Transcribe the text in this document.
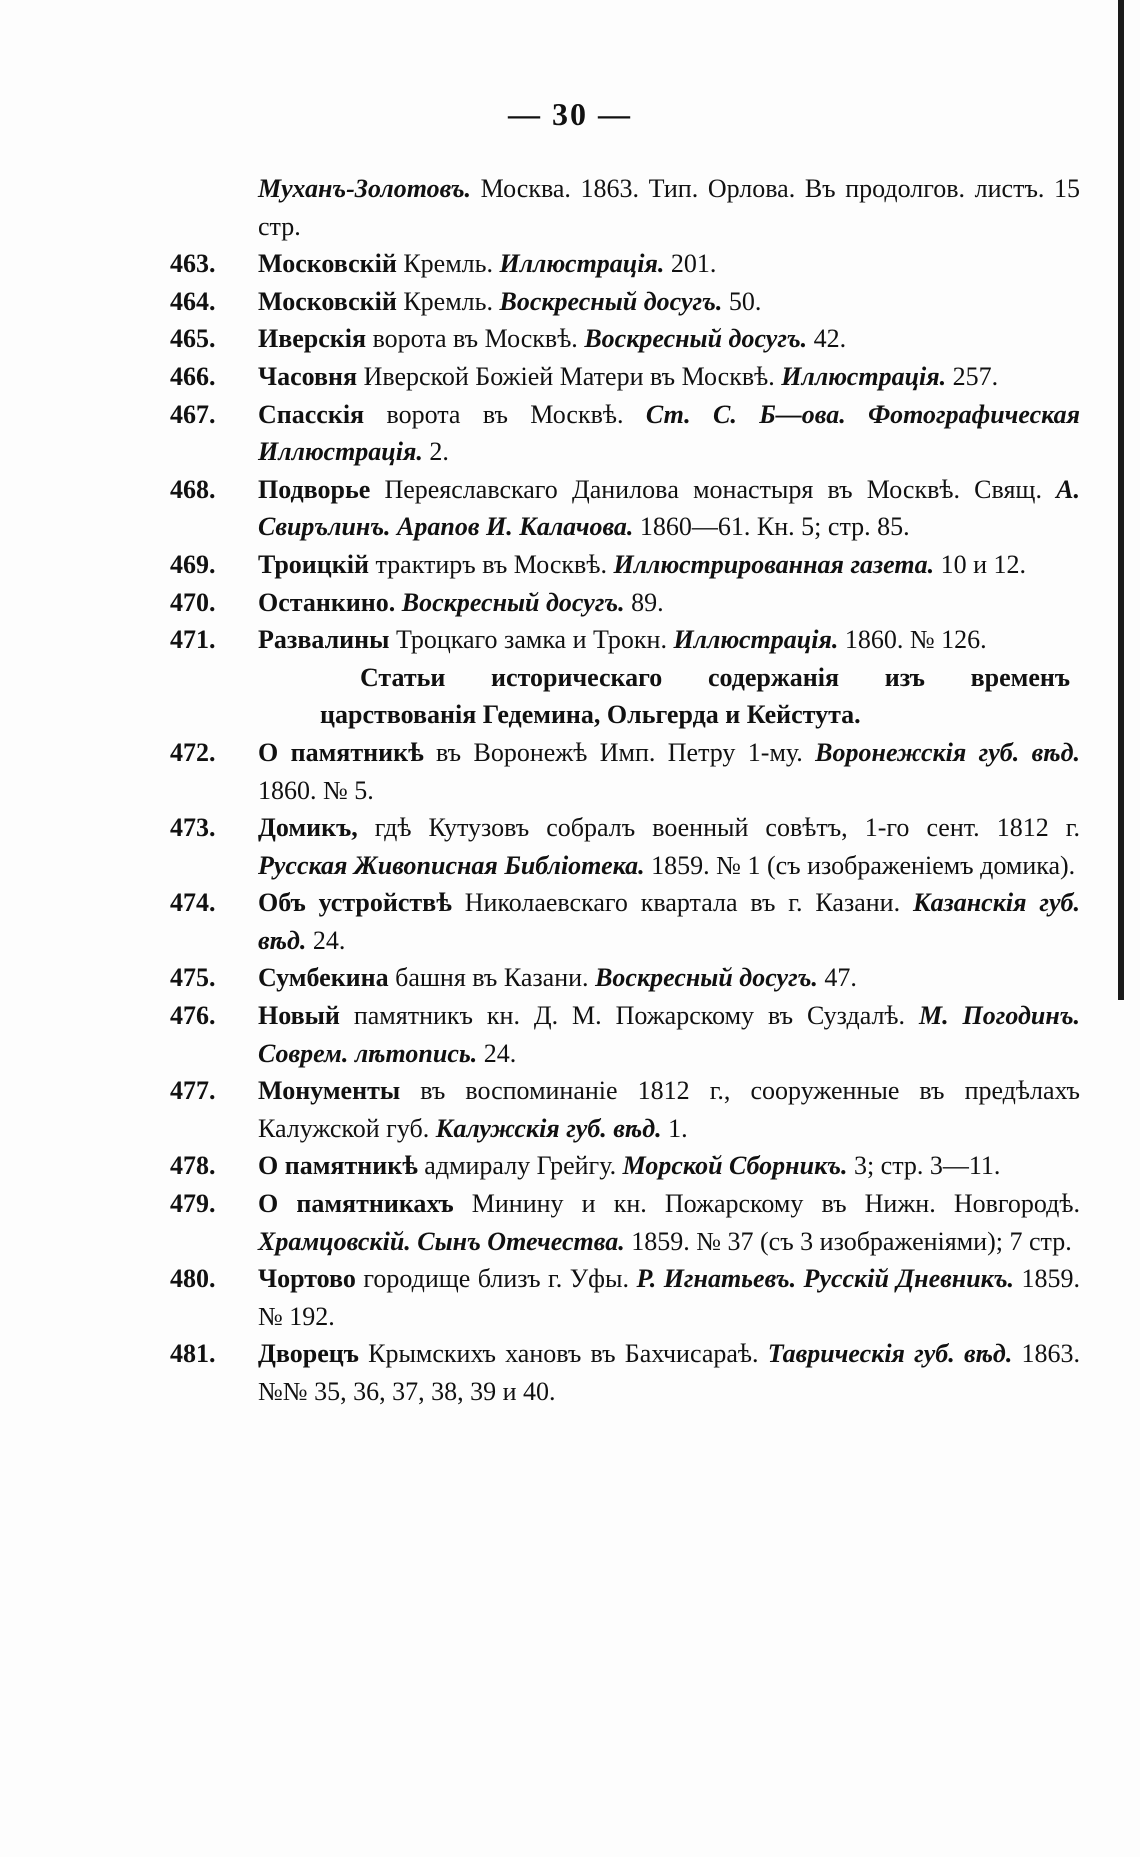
— 30 —
Муханъ-Золотовъ. Москва. 1863. Тип. Орлова. Въ продолгов. листъ. 15 стр.
463.	Московскій Кремль. Иллюстрація. 201.
464.	Московскій Кремль. Воскресный досугъ. 50.
465.	Иверскія ворота въ Москвѣ. Воскресный досугъ. 42.
466.	Часовня Иверской Божіей Матери въ Москвѣ. Иллюстрація. 257.
467.	Спасскія ворота въ Москвѣ. Ст. С. Б—ова. Фотографическая Иллюстрація. 2.
468.	Подворье Переяславскаго Даниловa монастыря въ Москвѣ. Свящ. А. Свирълинъ. Арапов И. Калачова. 1860—61. Кн. 5; стр. 85.
469.	Троицкій трактиръ въ Москвѣ. Иллюстрированная газета. 10 и 12.
470.	Останкино. Воскресный досугъ. 89.
471.	Развалины Троцкаго замка и Трокн. Иллюстрація. 1860. № 126.
Статьи историческаго содержанія изъ временъ царствованія Гедемина, Ольгерда и Кейстута.
472.	О памятникѣ въ Воронежѣ Имп. Петру 1-му. Воронежскія губ. вѣд. 1860. № 5.
473.	Домикъ, гдѣ Кутузовъ собралъ военный совѣтъ, 1-го сент. 1812 г. Русская Живописная Библіотека. 1859. № 1 (съ изображеніемъ домика).
474.	Объ устройствѣ Николаевскаго квартала въ г. Казани. Казанскія губ. вѣд. 24.
475.	Сумбекина башня въ Казани. Воскресный досугъ. 47.
476.	Новый памятникъ кн. Д. М. Пожарскому въ Суздалѣ. М. Погодинъ. Соврем. лѣтопись. 24.
477.	Монументы въ воспоминаніе 1812 г., сооруженные въ предѣлахъ Калужской губ. Калужскія губ. вѣд. 1.
478.	О памятникѣ адмиралу Грейгу. Морской Сборникъ. 3; стр. 3—11.
479.	О памятникахъ Минину и кн. Пожарскому въ Нижн. Новгородѣ. Храмцовскій. Сынъ Отечества. 1859. № 37 (съ 3 изображеніями); 7 стр.
480.	Чортово городище близъ г. Уфы. Р. Игнатьевъ. Русскій Дневникъ. 1859. № 192.
481.	Дворецъ Крымскихъ хановъ въ Бахчисараѣ. Таврическія губ. вѣд. 1863. №№ 35, 36, 37, 38, 39 и 40.
